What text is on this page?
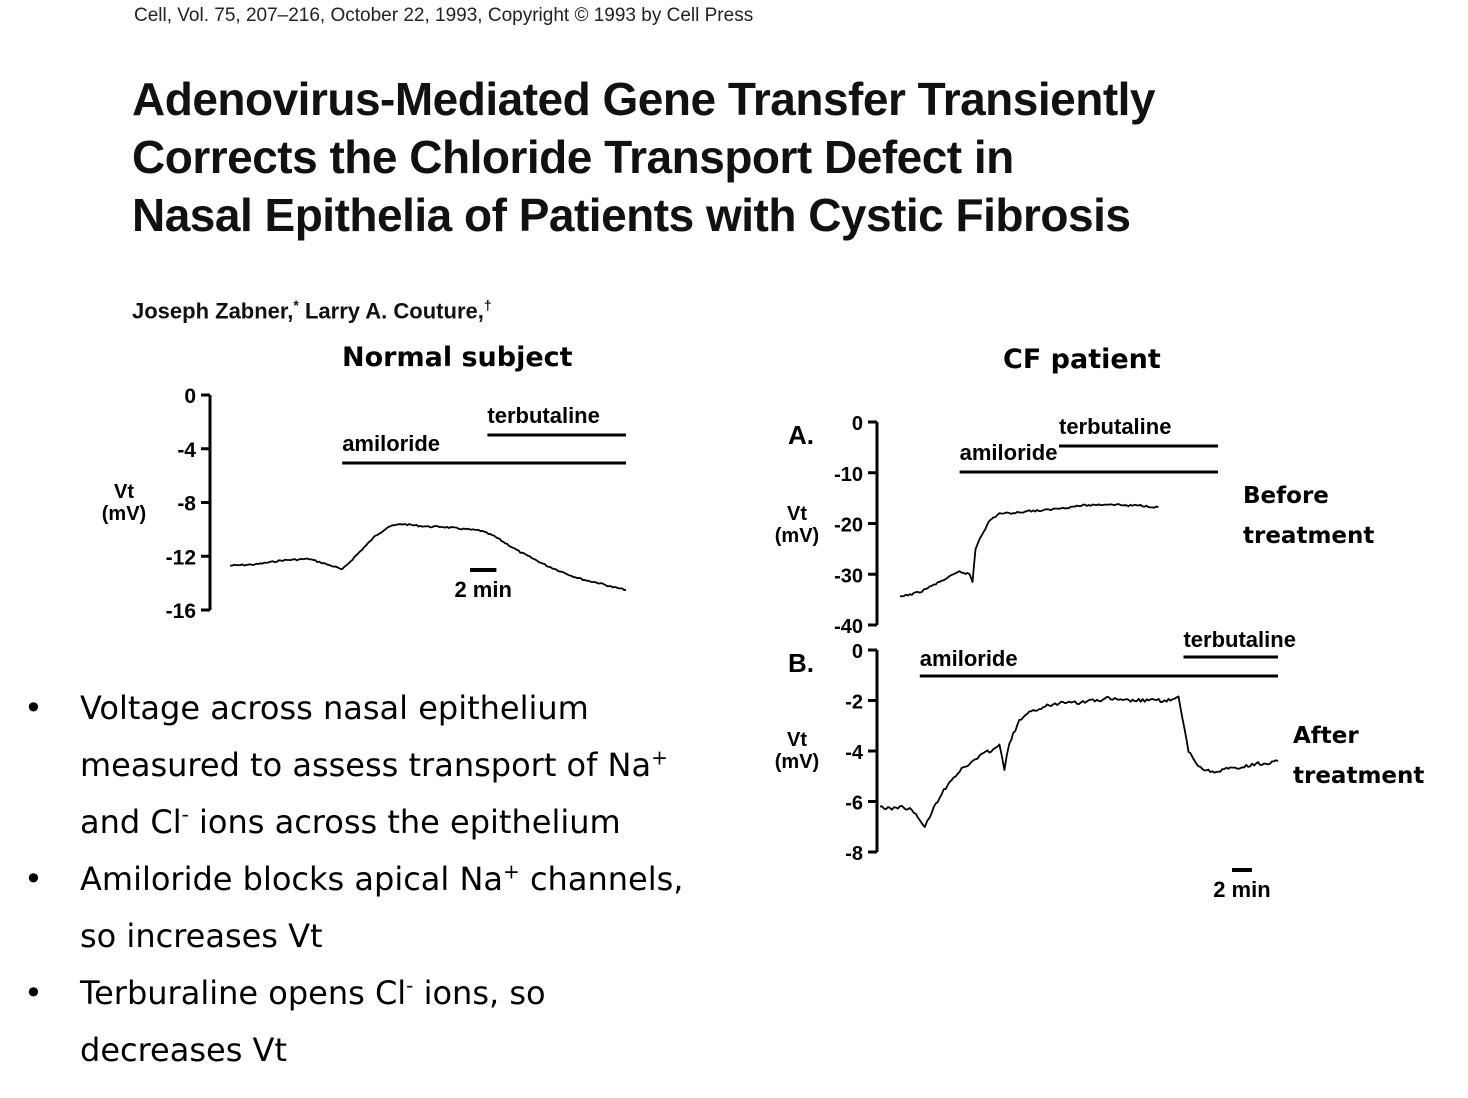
Cell, Vol. 75, 207–216, October 22, 1993, Copyright © 1993 by Cell Press
Adenovirus-Mediated Gene Transfer Transiently
Corrects the Chloride Transport Defect in
Nasal Epithelia of Patients with Cystic Fibrosis
Joseph Zabner,* Larry A. Couture,†
Normal subject	CF patient
Before
treatment
After
treatment
0
-4
-8
-12
-16
Vt
(mV)
amiloride
terbutaline
2 min
0
-10
-20
-30
-40
Vt
(mV)
A.
amiloride
terbutaline
0
-2
-4
-6
-8
Vt
(mV)
B.	amiloride
terbutaline
2 min
• Voltage across nasal epithelium
measured to assess transport of Na+
and Cl- ions across the epithelium
• Amiloride blocks apical Na+ channels,
so increases Vt
• Terburaline opens Cl- ions, so
decreases Vt
